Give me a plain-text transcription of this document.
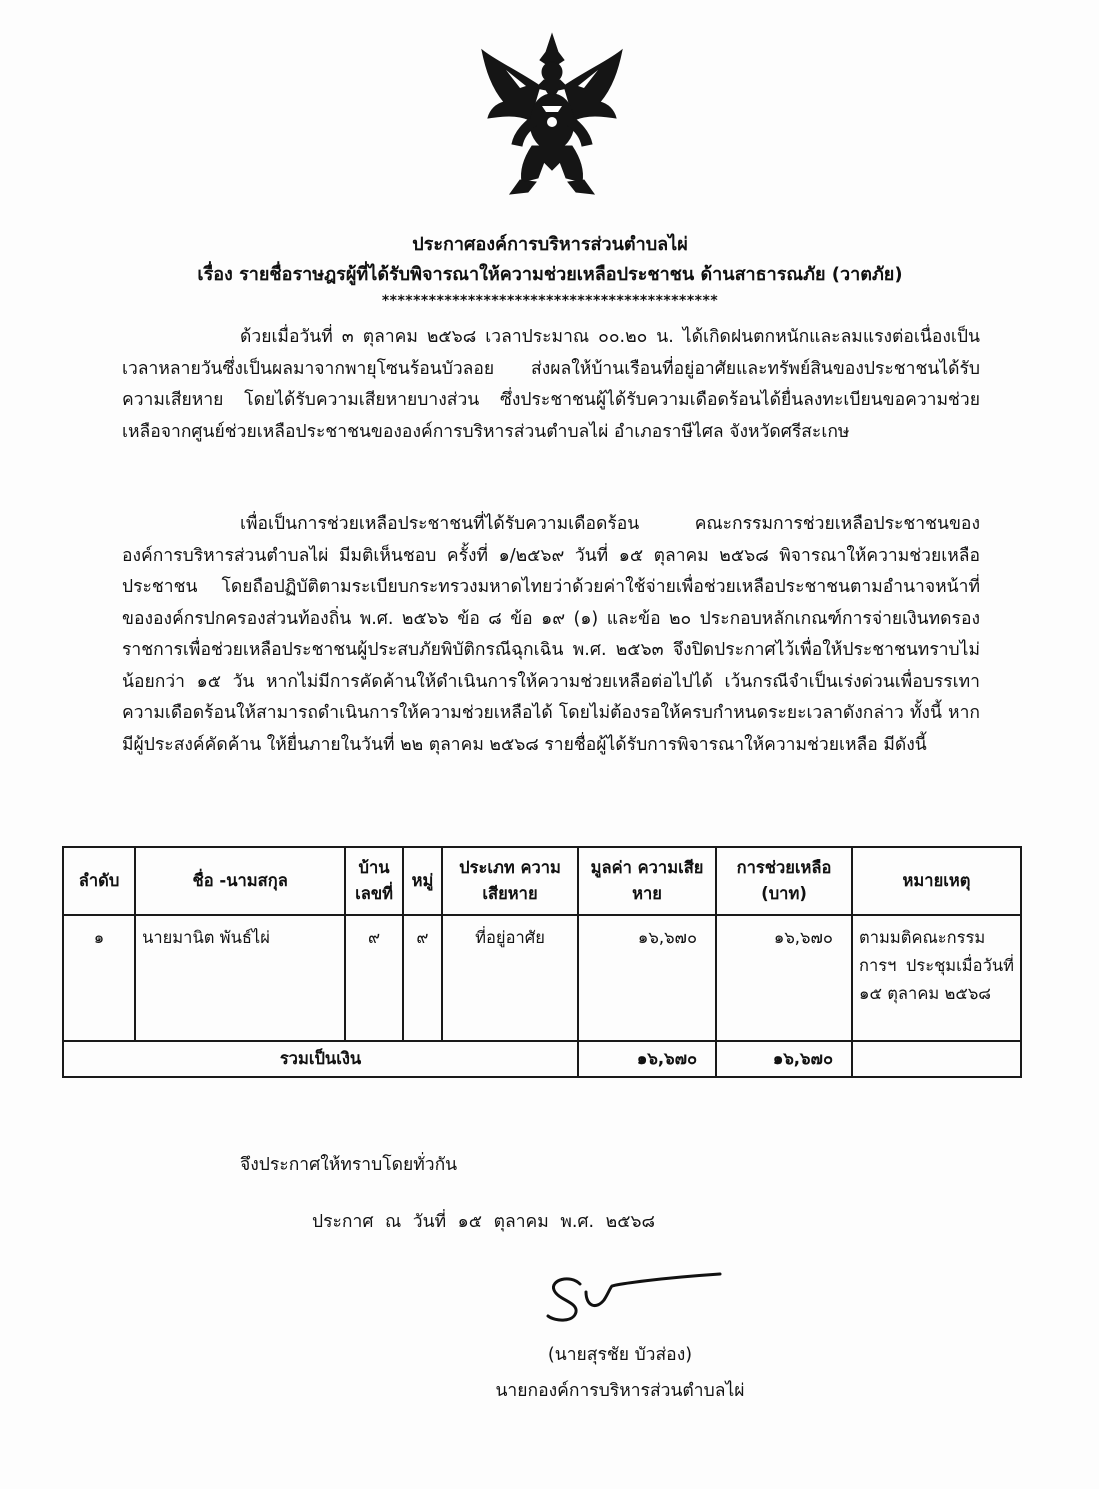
ประกาศองค์การบริหารส่วนตำบลไผ่
เรื่อง รายชื่อราษฎรผู้ที่ได้รับพิจารณาให้ความช่วยเหลือประชาชน ด้านสาธารณภัย (วาตภัย)
*******************************************
ด้วยเมื่อวันที่ ๓ ตุลาคม ๒๕๖๘ เวลาประมาณ ๐๐.๒๐ น. ได้เกิดฝนตกหนักและลมแรงต่อเนื่องเป็นเวลาหลายวันซึ่งเป็นผลมาจากพายุโซนร้อนบัวลอย ส่งผลให้บ้านเรือนที่อยู่อาศัยและทรัพย์สินของประชาชนได้รับความเสียหาย โดยได้รับความเสียหายบางส่วน ซึ่งประชาชนผู้ได้รับความเดือดร้อนได้ยื่นลงทะเบียนขอความช่วยเหลือจากศูนย์ช่วยเหลือประชาชนขององค์การบริหารส่วนตำบลไผ่ อำเภอราษีไศล จังหวัดศรีสะเกษ
เพื่อเป็นการช่วยเหลือประชาชนที่ได้รับความเดือดร้อน คณะกรรมการช่วยเหลือประชาชนขององค์การบริหารส่วนตำบลไผ่ มีมติเห็นชอบ ครั้งที่ ๑/๒๕๖๙ วันที่ ๑๕ ตุลาคม ๒๕๖๘ พิจารณาให้ความช่วยเหลือประชาชน โดยถือปฏิบัติตามระเบียบกระทรวงมหาดไทยว่าด้วยค่าใช้จ่ายเพื่อช่วยเหลือประชาชนตามอำนาจหน้าที่ขององค์กรปกครองส่วนท้องถิ่น พ.ศ. ๒๕๖๖ ข้อ ๘ ข้อ ๑๙ (๑) และข้อ ๒๐ ประกอบหลักเกณฑ์การจ่ายเงินทดรองราชการเพื่อช่วยเหลือประชาชนผู้ประสบภัยพิบัติกรณีฉุกเฉิน พ.ศ. ๒๕๖๓ จึงปิดประกาศไว้เพื่อให้ประชาชนทราบไม่น้อยกว่า ๑๕ วัน หากไม่มีการคัดค้านให้ดำเนินการให้ความช่วยเหลือต่อไปได้ เว้นกรณีจำเป็นเร่งด่วนเพื่อบรรเทาความเดือดร้อนให้สามารถดำเนินการให้ความช่วยเหลือได้ โดยไม่ต้องรอให้ครบกำหนดระยะเวลาดังกล่าว ทั้งนี้ หากมีผู้ประสงค์คัดค้าน ให้ยื่นภายในวันที่ ๒๒ ตุลาคม ๒๕๖๘ รายชื่อผู้ได้รับการพิจารณาให้ความช่วยเหลือ มีดังนี้
ลำดับ	ชื่อ -นามสกุล	บ้าน เลขที่	หมู่	ประเภท ความเสียหาย	มูลค่า ความเสียหาย	การช่วยเหลือ (บาท)	หมายเหตุ
๑	นายมานิต พันธ์ไผ่	๙	๙	ที่อยู่อาศัย	๑๖,๖๗๐	๑๖,๖๗๐	ตามมติคณะกรรมการฯ ประชุมเมื่อวันที่ ๑๕ ตุลาคม ๒๕๖๘
รวมเป็นเงิน					๑๖,๖๗๐	๑๖,๖๗๐	
จึงประกาศให้ทราบโดยทั่วกัน
ประกาศ ณ วันที่ ๑๕ ตุลาคม พ.ศ. ๒๕๖๘
(นายสุรชัย บัวส่อง)
นายกองค์การบริหารส่วนตำบลไผ่
